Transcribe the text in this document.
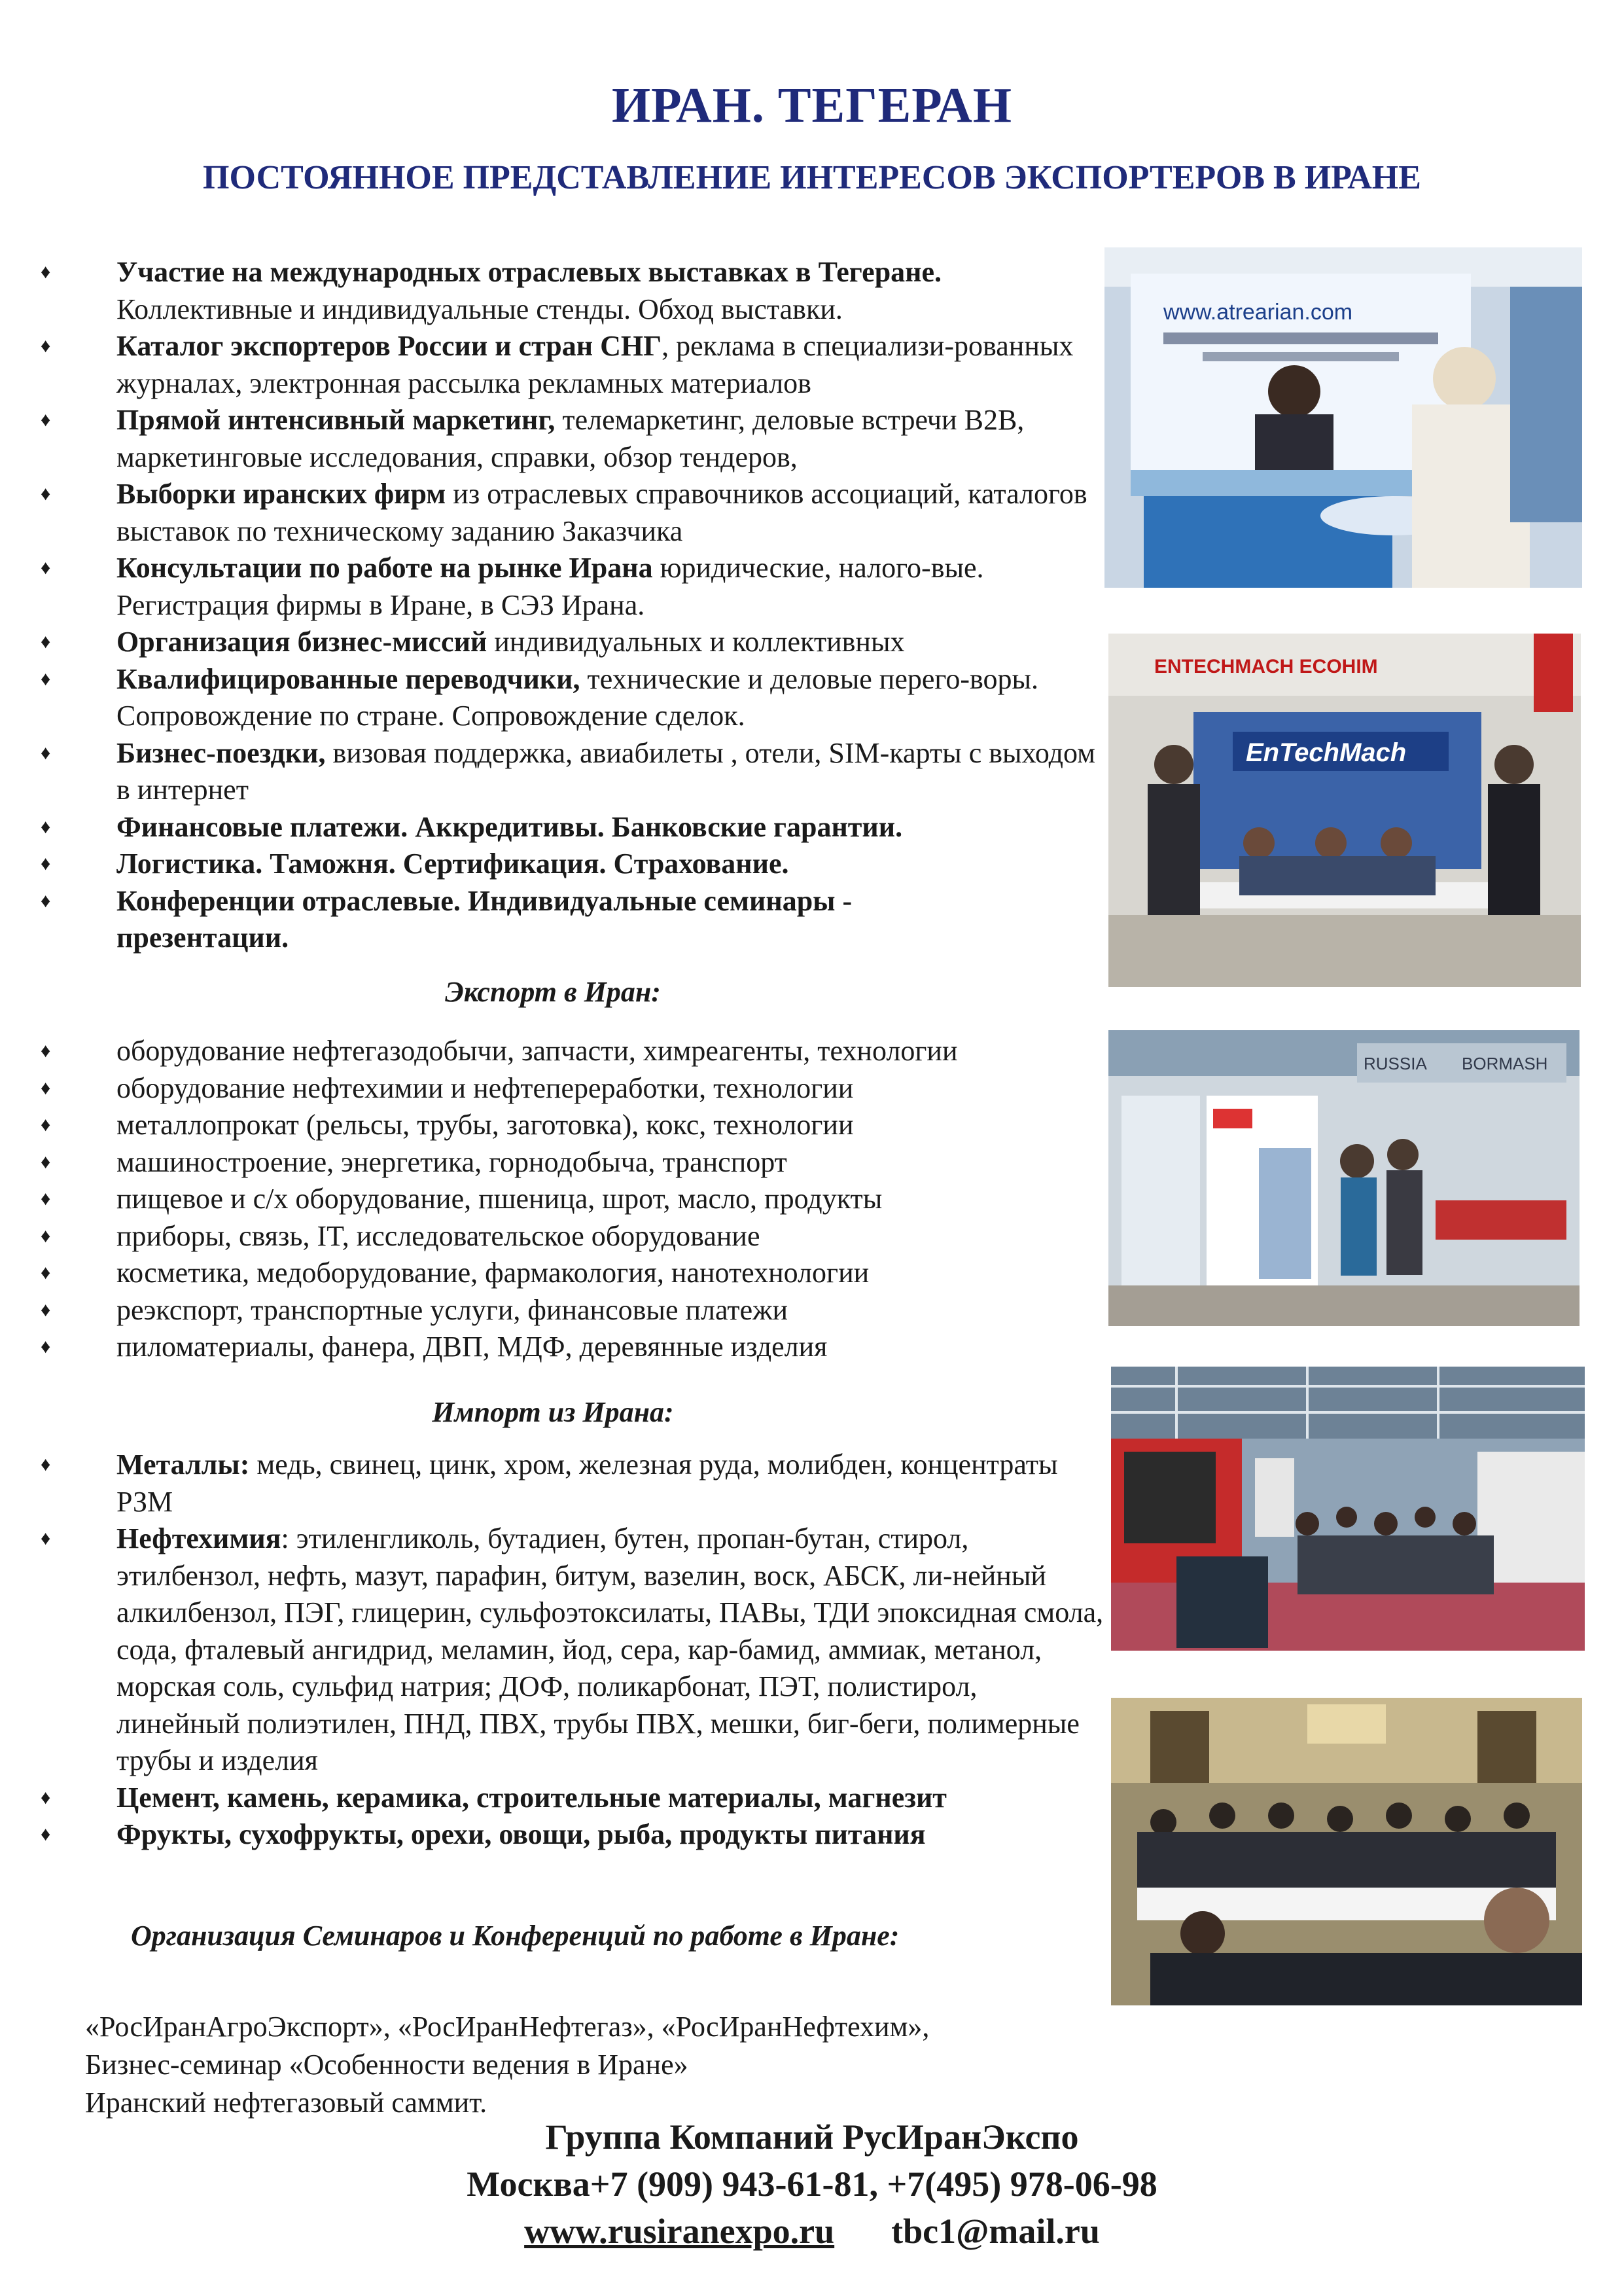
ИРАН. ТЕГЕРАН
ПОСТОЯННОЕ ПРЕДСТАВЛЕНИЕ ИНТЕРЕСОВ ЭКСПОРТЕРОВ В ИРАНЕ
♦ Участие на международных отраслевых выставках в Тегеране. Коллективные и индивидуальные стенды. Обход выставки.
♦ Каталог экспортеров России и стран СНГ, реклама в специализи-рованных журналах, электронная рассылка рекламных материалов
♦ Прямой интенсивный маркетинг, телемаркетинг, деловые встречи B2B, маркетинговые исследования, справки, обзор тендеров,
♦ Выборки иранских фирм из отраслевых справочников ассоциаций, каталогов выставок по техническому заданию Заказчика
♦ Консультации по работе на рынке Ирана юридические, налого-вые. Регистрация фирмы в Иране, в СЭЗ Ирана.
♦ Организация бизнес-миссий индивидуальных и коллективных
♦ Квалифицированные переводчики, технические и деловые перего-воры. Сопровождение по стране. Сопровождение сделок.
♦ Бизнес-поездки, визовая поддержка, авиабилеты , отели, SIM-карты с выходом в интернет
♦ Финансовые платежи. Аккредитивы. Банковские гарантии.
♦ Логистика. Таможня. Сертификация. Страхование.
♦ Конференции отраслевые. Индивидуальные семинары - презентации.
Экспорт в Иран:
♦ оборудование нефтегазодобычи, запчасти, химреагенты, технологии
♦ оборудование нефтехимии и нефтепереработки, технологии
♦ металлопрокат (рельсы, трубы, заготовка), кокс, технологии
♦ машиностроение, энергетика, горнодобыча, транспорт
♦ пищевое и с/х оборудование, пшеница, шрот, масло, продукты
♦ приборы, связь, IT, исследовательское оборудование
♦ косметика, медоборудование, фармакология, нанотехнологии
♦ реэкспорт, транспортные услуги, финансовые платежи
♦ пиломатериалы, фанера, ДВП, МДФ, деревянные изделия
Импорт из Ирана:
♦ Металлы: медь, свинец, цинк, хром, железная руда, молибден, концентраты РЗМ
♦ Нефтехимия: этиленгликоль, бутадиен, бутен, пропан-бутан, стирол, этилбензол, нефть, мазут, парафин, битум, вазелин, воск, АБСК, ли-нейный алкилбензол, ПЭГ, глицерин, сульфоэтоксилаты, ПАВы, ТДИ эпоксидная смола, сода, фталевый ангидрид, меламин, йод, сера, кар-бамид, аммиак, метанол, морская соль, сульфид натрия; ДОФ, поликарбонат, ПЭТ, полистирол, линейный полиэтилен, ПНД, ПВХ, трубы ПВХ, мешки, биг-беги, полимерные трубы и изделия
♦ Цемент, камень, керамика, строительные материалы, магнезит
♦ Фрукты, сухофрукты, орехи, овощи, рыба, продукты питания
Организация Семинаров и Конференций по работе в Иране:
«РосИранАгроЭкспорт», «РосИранНефтегаз», «РосИранНефтехим»,
Бизнес-семинар «Особенности ведения в Иране»
Иранский нефтегазовый саммит.
www.atrearian.com
ENTECHMACH ECOHIM
EnTechMach
RUSSIA BORMASH
Группа Компаний РусИранЭкспо
Москва+7 (909) 943-61-81, +7(495) 978-06-98
www.rusiranexpo.ru tbc1@mail.ru
